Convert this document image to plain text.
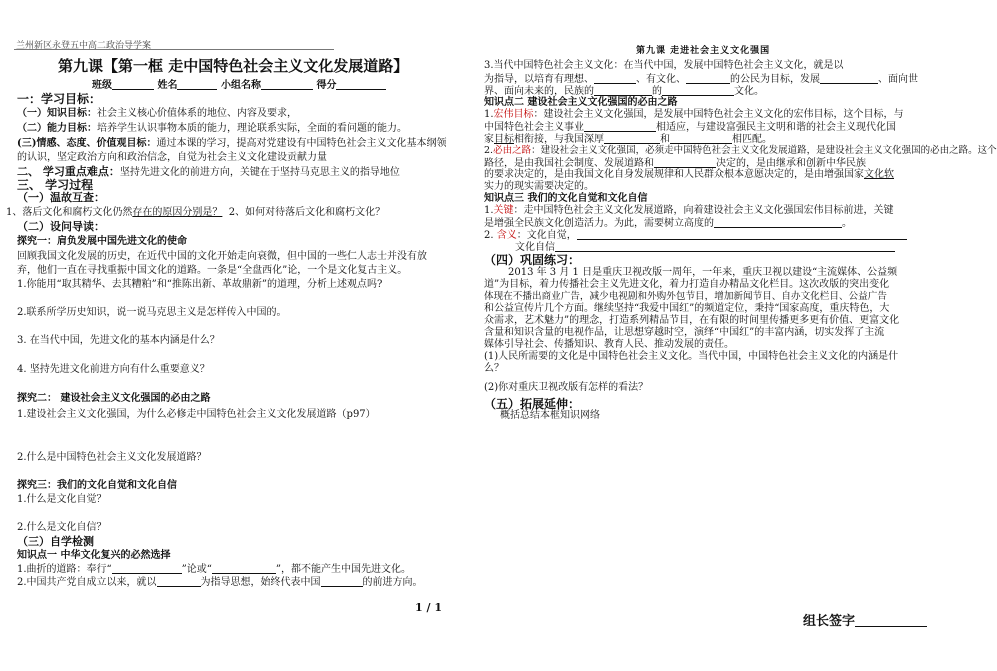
兰州新区永登五中高二政治导学案	第九课 走进社会主义文化强国
第九课【第一框 走中国特色社会主义文化发展道路】
班级	姓名	小组名称	得分
一：学习目标：
（一）知识目标：社会主义核心价值体系的地位、内容及要求，
（二）能力目标：培养学生认识事物本质的能力，理论联系实际，全面的看问题的能力。
(三)情感、态度、价值观目标：通过本课的学习，提高对党建设有中国特色社会主义文化基本纲领
的认识，坚定政治方向和政治信念，自觉为社会主义文化建设贡献力量
二、 学习重点难点：坚持先进文化的前进方向，关键在于坚持马克思主义的指导地位
三、 学习过程
（一）温故互查：
1、落后文化和腐朽文化仍然存在的原因分别是？ 2、如何对待落后文化和腐朽文化？
（二）设问导读：
探究一：肩负发展中国先进文化的使命
回顾我国文化发展的历史，在近代中国的文化开始走向衰微，但中国的一些仁人志士并没有放
弃，他们一直在寻找重振中国文化的道路。一条是“全盘西化”论，一个是文化复古主义。
1.你能用“取其精华、去其糟粕”和“推陈出新、革故鼎新”的道理，分析上述观点吗?
2.联系所学历史知识，说一说马克思主义是怎样传入中国的。
3. 在当代中国，先进文化的基本内涵是什么？
4. 坚持先进文化前进方向有什么重要意义？
探究二： 建设社会主义文化强国的必由之路
1.建设社会主义文化强国，为什么必修走中国特色社会主义文化发展道路（p97）
2.什么是中国特色社会主义文化发展道路？
探究三：我们的文化自觉和文化自信
1.什么是文化自觉？
2.什么是文化自信？
（三）自学检测
知识点一 中华文化复兴的必然选择
1.曲折的道路：奉行“	”论或“	”，都不能产生中国先进文化。
2.中国共产党自成立以来，就以	为指导思想，始终代表中国	的前进方向。
3.当代中国特色社会主义文化：在当代中国，发展中国特色社会主义文化，就是以
为指导，以培育有理想、	、有文化、	的公民为目标，发展	、面向世
界、面向未来的，民族的	的	文化。
知识点二 建设社会主义文化强国的必由之路
1.宏伟目标：建设社会主义文化强国，是发展中国特色社会主义文化的宏伟目标，这个目标，与
中国特色社会主义事业	相适应，与建设富强民主文明和谐的社会主义现代化国
家目标相衔接，与我国深厚	和	相匹配。
2.必由之路：建设社会主义文化强国，必须走中国特色社会主义文化发展道路，是建设社会主义文化强国的必由之路。这个
路径，是由我国社会制度、发展道路和	决定的，是由继承和创新中华民族
的要求决定的，是由我国文化自身发展规律和人民群众根本意愿决定的，是由增强国家文化软
实力的现实需要决定的。
知识点三 我们的文化自觉和文化自信
1.关键：走中国特色社会主义文化发展道路，向着建设社会主义文化强国宏伟目标前进，关键
是增强全民族文化创造活力。为此，需要树立高度的	。
2. 含义：文化自觉，
文化自信
（四）巩固练习：
2013 年 3 月 1 日是重庆卫视改版一周年，一年来，重庆卫视以建设“主流媒体、公益频
道”为目标，着力传播社会主义先进文化，着力打造自办精品文化栏目。这次改版的突出变化
体现在不播出商业广告，减少电视剧和外购外包节目，增加新闻节目、自办文化栏目、公益广告
和公益宣传片几个方面。继续坚持“我爱中国红”的频道定位，秉持“国家高度，重庆特色，大
众需求，艺术魅力”的理念，打造系列精品节目，在有限的时间里传播更多更有价值、更富文化
含量和知识含量的电视作品，让思想穿越时空，演绎“中国红”的丰富内涵，切实发挥了主流
媒体引导社会、传播知识、教育人民、推动发展的责任。
(1)人民所需要的文化是中国特色社会主义文化。当代中国，中国特色社会主义文化的内涵是什
么？
(2)你对重庆卫视改版有怎样的看法？
（五）拓展延伸：
概括总结本框知识网络
1 / 1
组长签字
